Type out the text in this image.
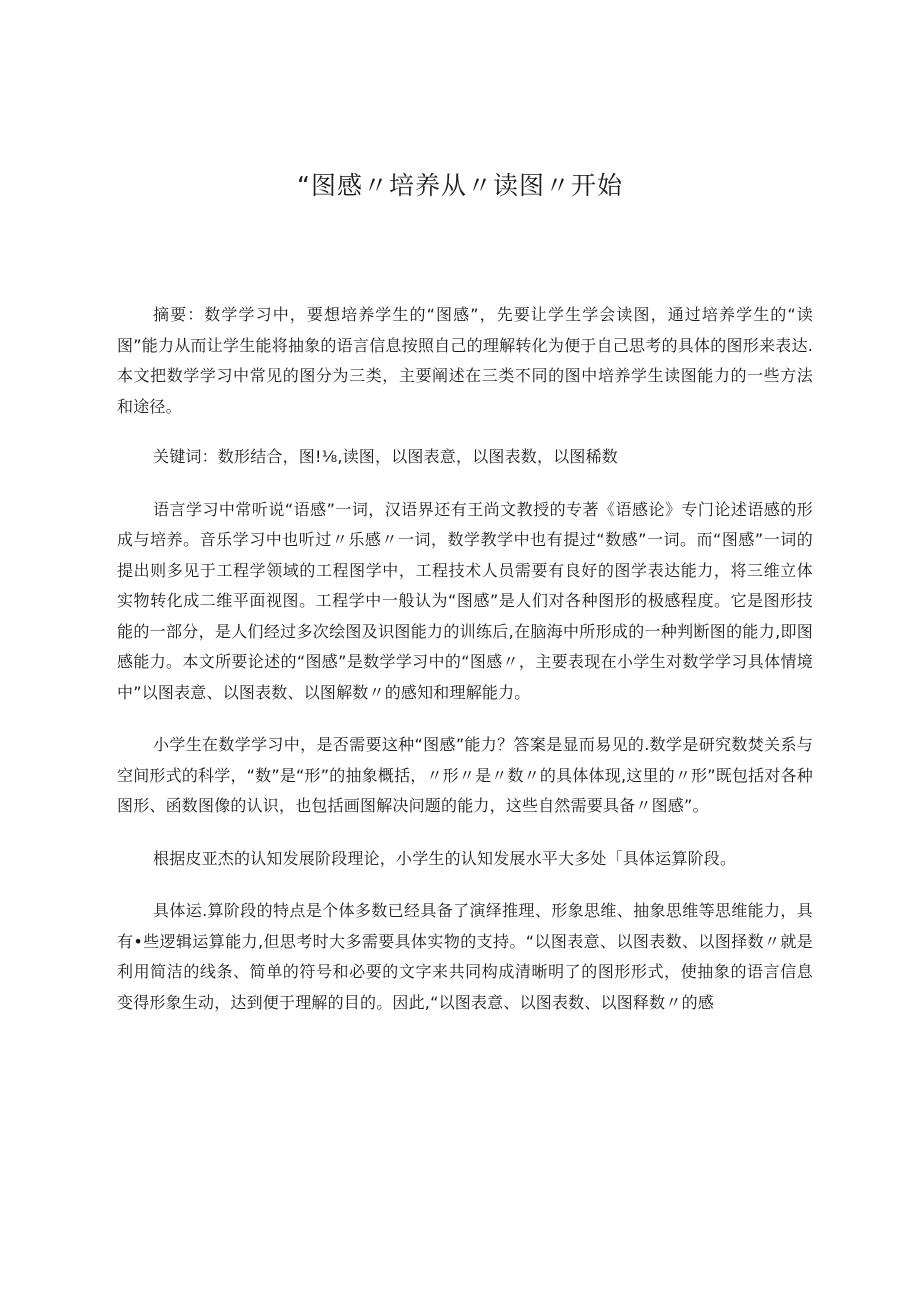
“图感〃培养从〃读图〃开始

摘要：数学学习中，要想培养学生的“图感”，先要让学生学会读图，通过培养学生的“读图”能力从而让学生能将抽象的语言信息按照自己的理解转化为便于自己思考的具体的图形来表达.本文把数学学习中常见的图分为三类，主要阐述在三类不同的图中培养学生读图能力的一些方法和途径。

关键词：数形结合，图!⅛,读图，以图表意，以图表数，以图稀数

语言学习中常听说“语感”一词，汉语界还有王尚文教授的专著《语感论》专门论述语感的形成与培养。音乐学习中也听过〃乐感〃一词，数学教学中也有提过“数感”一词。而“图感”一词的提出则多见于工程学领域的工程图学中，工程技术人员需要有良好的图学表达能力，将三维立体实物转化成二维平面视图。工程学中一般认为“图感”是人们对各种图形的极感程度。它是图形技能的一部分，是人们经过多次绘图及识图能力的训练后,在脑海中所形成的一种判断图的能力,即图感能力。本文所要论述的“图感”是数学学习中的“图感〃，主要表现在小学生对数学学习具体情境中”以图表意、以图表数、以图解数〃的感知和理解能力。

小学生在数学学习中，是否需要这种“图感”能力？答案是显而易见的.数学是研究数焚关系与空间形式的科学，“数”是“形”的抽象概括，〃形〃是〃数〃的具体体现,这里的〃形”既包括对各种图形、函数图像的认识，也包括画图解决问题的能力，这些自然需要具备〃图感”。

根据皮亚杰的认知发展阶段理论，小学生的认知发展水平大多处「具体运算阶段。

具体运.算阶段的特点是个体多数已经具备了演绎推理、形象思维、抽象思维等思维能力，具有•些逻辑运算能力,但思考时大多需要具体实物的支持。“以图表意、以图表数、以图择数〃就是利用简洁的线条、简单的符号和必要的文字来共同构成清晰明了的图形形式，使抽象的语言信息变得形象生动，达到便于理解的目的。因此,“以图表意、以图表数、以图释数〃的感
